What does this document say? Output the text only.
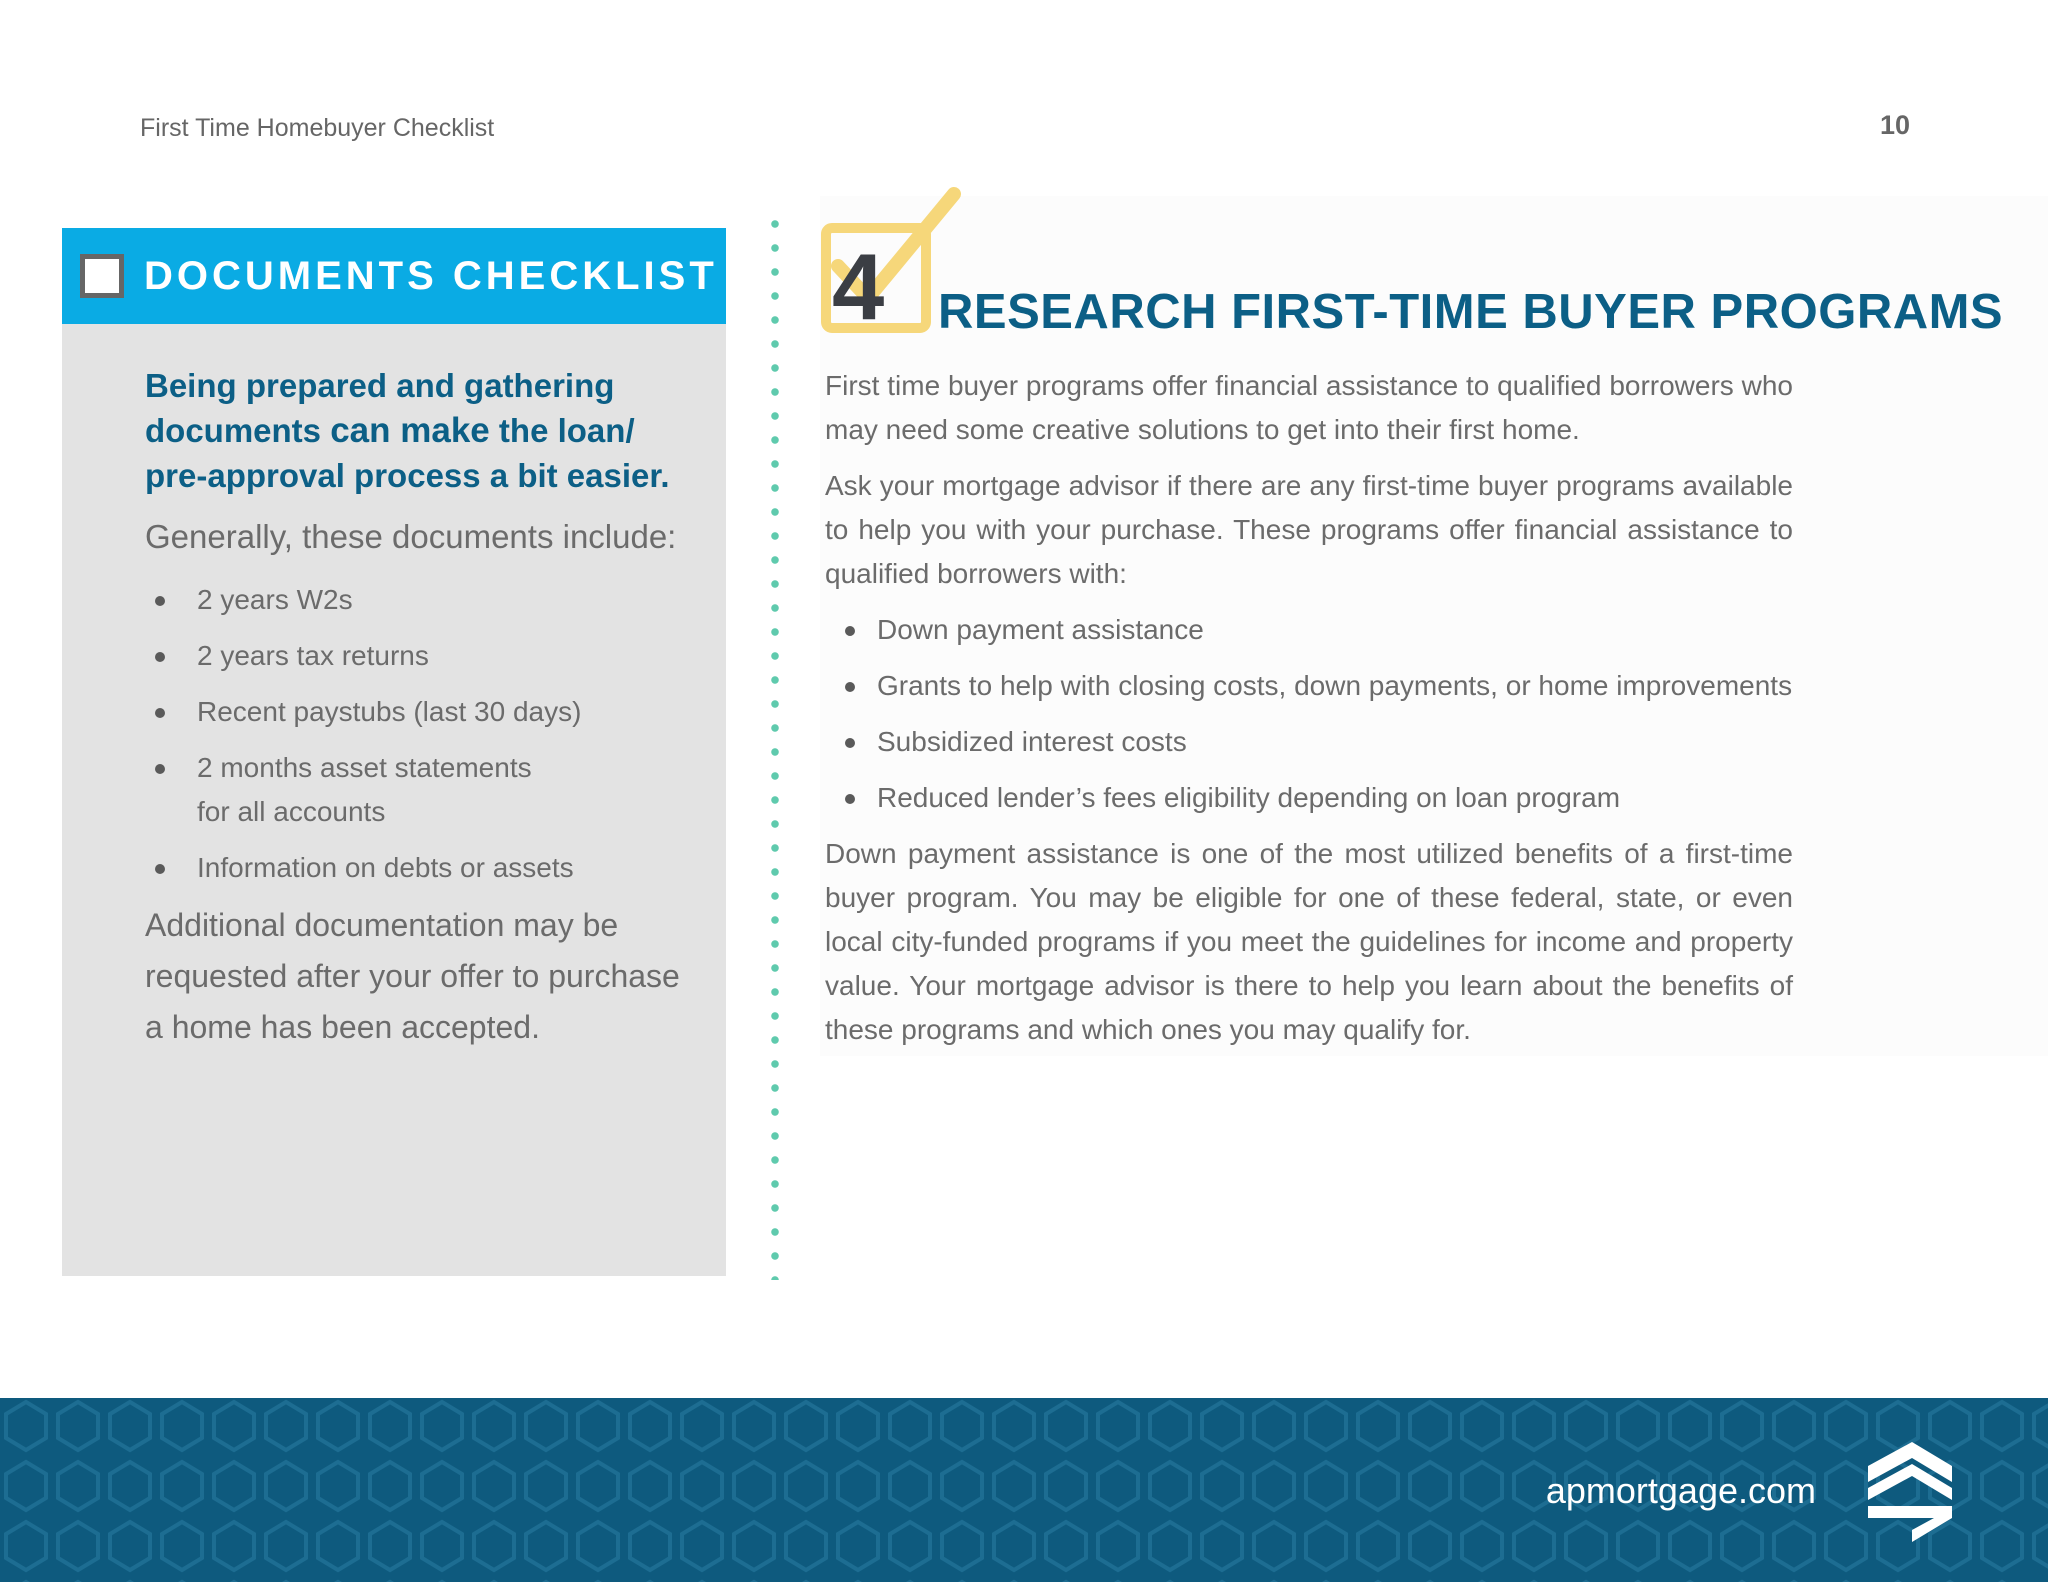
First Time Homebuyer Checklist	10
DOCUMENTS CHECKLIST

Being prepared and gathering documents can make the loan/ pre-approval process a bit easier.

Generally, these documents include:

2 years W2s
2 years tax returns
Recent paystubs (last 30 days)
2 months asset statements for all accounts
Information on debts or assets

Additional documentation may be requested after your offer to purchase a home has been accepted.

4 RESEARCH FIRST-TIME BUYER PROGRAMS

First time buyer programs offer financial assistance to qualified borrowers who may need some creative solutions to get into their first home.

Ask your mortgage advisor if there are any first-time buyer programs available to help you with your purchase. These programs offer financial assistance to qualified borrowers with:

Down payment assistance
Grants to help with closing costs, down payments, or home improvements
Subsidized interest costs
Reduced lender’s fees eligibility depending on loan program

Down payment assistance is one of the most utilized benefits of a first-time buyer program. You may be eligible for one of these federal, state, or even local city-funded programs if you meet the guidelines for income and property value. Your mortgage advisor is there to help you learn about the benefits of these programs and which ones you may qualify for.

apmortgage.com
